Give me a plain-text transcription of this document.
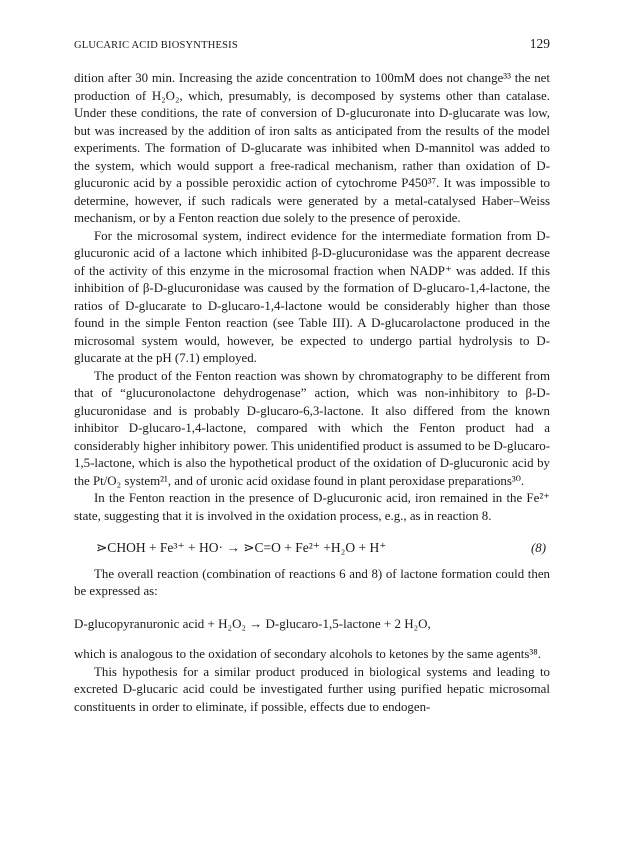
GLUCARIC ACID BIOSYNTHESIS	129

dition after 30 min. Increasing the azide concentration to 100mM does not change³³ the net production of H₂O₂, which, presumably, is decomposed by systems other than catalase. Under these conditions, the rate of conversion of D-glucuronate into D-glucarate was low, but was increased by the addition of iron salts as anticipated from the results of the model experiments. The formation of D-glucarate was inhibited when D-mannitol was added to the system, which would support a free-radical mechanism, rather than oxidation of D-glucuronic acid by a possible peroxidic action of cytochrome P450³⁷. It was impossible to determine, however, if such radicals were generated by a metal-catalysed Haber–Weiss mechanism, or by a Fenton reaction due solely to the presence of peroxide.

For the microsomal system, indirect evidence for the intermediate formation from D-glucuronic acid of a lactone which inhibited β-D-glucuronidase was the apparent decrease of the activity of this enzyme in the microsomal fraction when NADP⁺ was added. If this inhibition of β-D-glucuronidase was caused by the formation of D-glucaro-1,4-lactone, the ratios of D-glucarate to D-glucaro-1,4-lactone would be considerably higher than those found in the simple Fenton reaction (see Table III). A D-glucarolactone produced in the microsomal system would, however, be expected to undergo partial hydrolysis to D-glucarate at the pH (7.1) employed.

The product of the Fenton reaction was shown by chromatography to be different from that of “glucuronolactone dehydrogenase” action, which was non-inhibitory to β-D-glucuronidase and is probably D-glucaro-6,3-lactone. It also differed from the known inhibitor D-glucaro-1,4-lactone, compared with which the Fenton product had a considerably higher inhibitory power. This unidentified product is assumed to be D-glucaro-1,5-lactone, which is also the hypothetical product of the oxidation of D-glucuronic acid by the Pt/O₂ system²¹, and of uronic acid oxidase found in plant peroxidase preparations³⁰.

In the Fenton reaction in the presence of D-glucuronic acid, iron remained in the Fe²⁺ state, suggesting that it is involved in the oxidation process, e.g., as in reaction 8.

⋗CHOH + Fe³⁺ + HO· → ⋗C=O + Fe²⁺ +H₂O + H⁺	(8)

The overall reaction (combination of reactions 6 and 8) of lactone formation could then be expressed as:

D-glucopyranuronic acid + H₂O₂ → D-glucaro-1,5-lactone + 2 H₂O,

which is analogous to the oxidation of secondary alcohols to ketones by the same agents³⁸.

This hypothesis for a similar product produced in biological systems and leading to excreted D-glucaric acid could be investigated further using purified hepatic microsomal constituents in order to eliminate, if possible, effects due to endogen-
